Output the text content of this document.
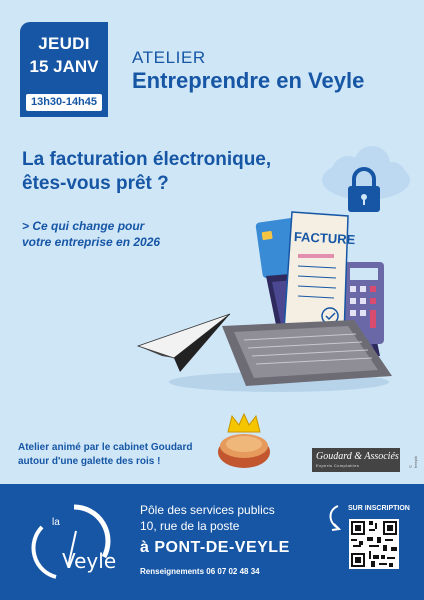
JEUDI
15 JANV
13h30-14h45
ATELIER
Entreprendre en Veyle
La facturation électronique,
êtes-vous prêt ?
> Ce qui change pour
votre entreprise en 2026	FACTURE
Atelier animé par le cabinet Goudard
autour d'une galette des rois !	Goudard & Associés
Experts Comptables	© freepik
la
Veyle
Pôle des services publics
10, rue de la poste
à PONT-DE-VEYLE
Renseignements 06 07 02 48 34
SUR INSCRIPTION
